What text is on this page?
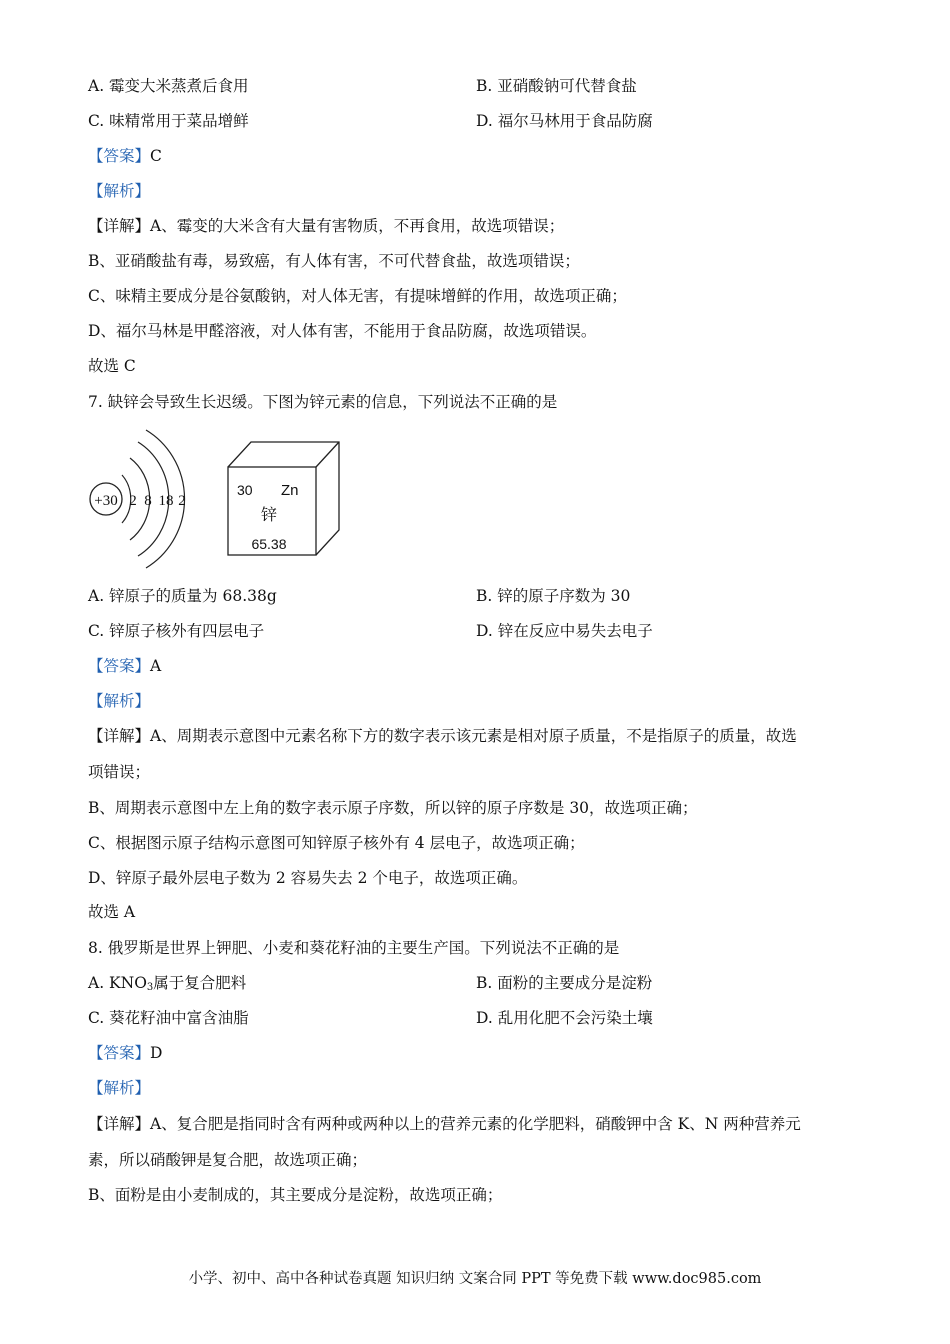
A. 霉变大米蒸煮后食用	B. 亚硝酸钠可代替食盐
C. 味精常用于菜品增鲜	D. 福尔马林用于食品防腐
【答案】C
【解析】
【详解】A、霉变的大米含有大量有害物质，不再食用，故选项错误；
B、亚硝酸盐有毒，易致癌，有人体有害，不可代替食盐，故选项错误；
C、味精主要成分是谷氨酸钠，对人体无害，有提味增鲜的作用，故选项正确；
D、福尔马林是甲醛溶液，对人体有害，不能用于食品防腐，故选项错误。
故选 C
7. 缺锌会导致生长迟缓。下图为锌元素的信息，下列说法不正确的是
+30 2 8 18 2
30 Zn
锌
65.38
A. 锌原子的质量为 68.38g	B. 锌的原子序数为 30
C. 锌原子核外有四层电子	D. 锌在反应中易失去电子
【答案】A
【解析】
【详解】A、周期表示意图中元素名称下方的数字表示该元素是相对原子质量，不是指原子的质量，故选
项错误；
B、周期表示意图中左上角的数字表示原子序数，所以锌的原子序数是 30，故选项正确；
C、根据图示原子结构示意图可知锌原子核外有 4 层电子，故选项正确；
D、锌原子最外层电子数为 2 容易失去 2 个电子，故选项正确。
故选 A
8. 俄罗斯是世界上钾肥、小麦和葵花籽油的主要生产国。下列说法不正确的是
A. $KNO_3$属于复合肥料	B. 面粉的主要成分是淀粉
C. 葵花籽油中富含油脂	D. 乱用化肥不会污染土壤
【答案】D
【解析】
【详解】A、复合肥是指同时含有两种或两种以上的营养元素的化学肥料，硝酸钾中含 K、N 两种营养元
素，所以硝酸钾是复合肥，故选项正确；
B、面粉是由小麦制成的，其主要成分是淀粉，故选项正确；
小学、初中、高中各种试卷真题 知识归纳 文案合同 PPT 等免费下载 www.doc985.com
